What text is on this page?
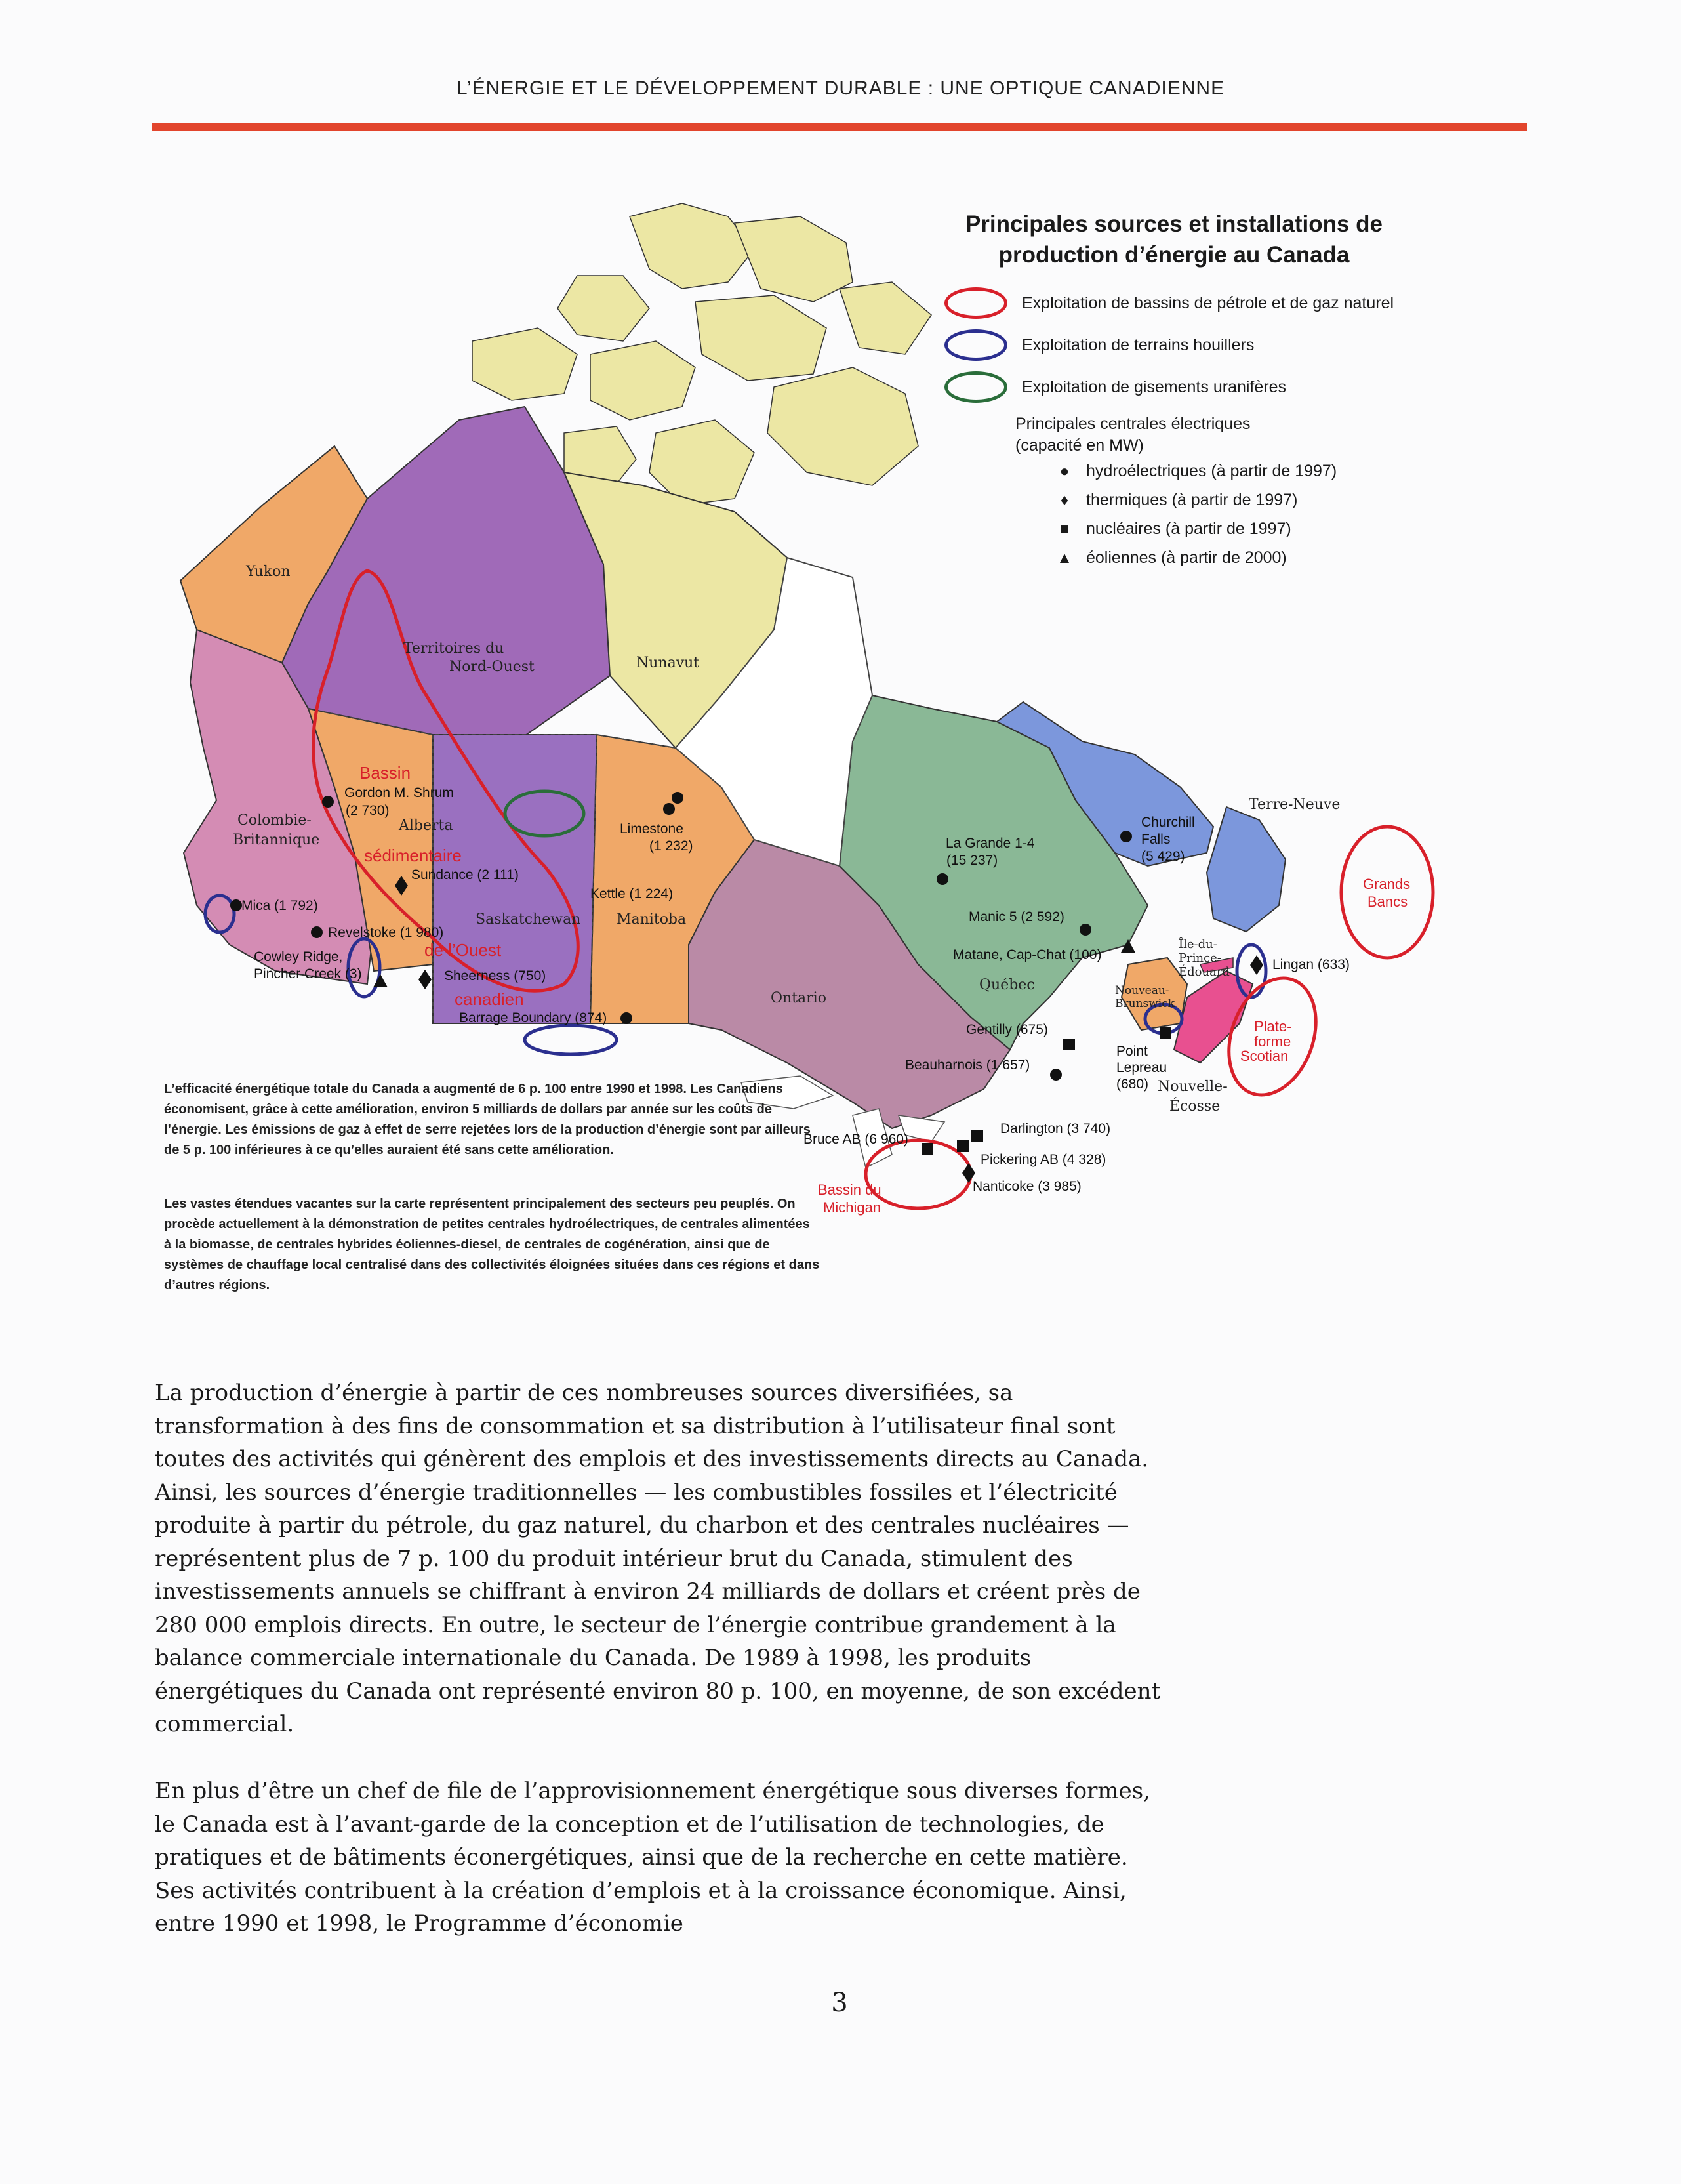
L’ÉNERGIE ET LE DÉVELOPPEMENT DURABLE : UNE OPTIQUE CANADIENNE
Yukon
Territoires du
Nord-Ouest	Nunavut
Colombie-
Britannique
Alberta
Saskatchewan Manitoba
Ontario
Québec
Terre-Neuve
Île-du-
Prince-
Édouard
Nouveau-
Brunswick
Nouvelle-
Écosse
Bassin
sédimentaire
de l’Ouest
canadien
Grands
Bancs
Plate-
forme
Scotian
Bassin du
Michigan
Gordon M. Shrum
(2 730)
Sundance (2 111)
Mica (1 792)
Revelstoke (1 980)
Cowley Ridge,
Pincher Creek (3)	Sheerness (750)
Barrage Boundary (874)
Limestone
(1 232)
Kettle (1 224)
La Grande 1-4
(15 237)
Churchill
Falls
(5 429)
Manic 5 (2 592)
Matane, Cap-Chat (100)
Gentilly (675)
Beauharnois (1 657)
Lingan (633)
Point
Lepreau
(680)
Darlington (3 740)
Bruce AB (6 960)
Pickering AB (4 328)
Nanticoke (3 985)
Principales sources et installations de
production d’énergie au Canada
Exploitation de bassins de pétrole et de gaz naturel
Exploitation de terrains houillers
Exploitation de gisements uranifères
Principales centrales électriques
(capacité en MW)
●	hydroélectriques (à partir de 1997)
♦	thermiques (à partir de 1997)
■	nucléaires (à partir de 1997)
▲ éoliennes (à partir de 2000)
L’efficacité énergétique totale du Canada a augmenté de 6 p. 100 entre 1990 et 1998. Les Canadiens économisent, grâce à cette amélioration, environ 5 milliards de dollars par année sur les coûts de l’énergie. Les émissions de gaz à effet de serre rejetées lors de la production d’énergie sont par ailleurs de 5 p. 100 inférieures à ce qu’elles auraient été sans cette amélioration.
Les vastes étendues vacantes sur la carte représentent principalement des secteurs peu peuplés. On procède actuellement à la démonstration de petites centrales hydroélectriques, de centrales alimentées à la biomasse, de centrales hybrides éoliennes-diesel, de centrales de cogénération, ainsi que de systèmes de chauffage local centralisé dans des collectivités éloignées situées dans ces régions et dans d’autres régions.
La production d’énergie à partir de ces nombreuses sources diversifiées, sa transformation à des fins de consommation et sa distribution à l’utilisateur final sont toutes des activités qui génèrent des emplois et des investissements directs au Canada. Ainsi, les sources d’énergie traditionnelles — les combustibles fossiles et l’électricité produite à partir du pétrole, du gaz naturel, du charbon et des centrales nucléaires — représentent plus de 7 p. 100 du produit intérieur brut du Canada, stimulent des investissements annuels se chiffrant à environ 24 milliards de dollars et créent près de 280 000 emplois directs. En outre, le secteur de l’énergie contribue grandement à la balance commerciale internationale du Canada. De 1989 à 1998, les produits énergétiques du Canada ont représenté environ 80 p. 100, en moyenne, de son excédent commercial.
En plus d’être un chef de file de l’approvisionnement énergétique sous diverses formes, le Canada est à l’avant-garde de la conception et de l’utilisation de technologies, de pratiques et de bâtiments éconergétiques, ainsi que de la recherche en cette matière. Ses activités contribuent à la création d’emplois et à la croissance économique. Ainsi, entre 1990 et 1998, le Programme d’économie
3
